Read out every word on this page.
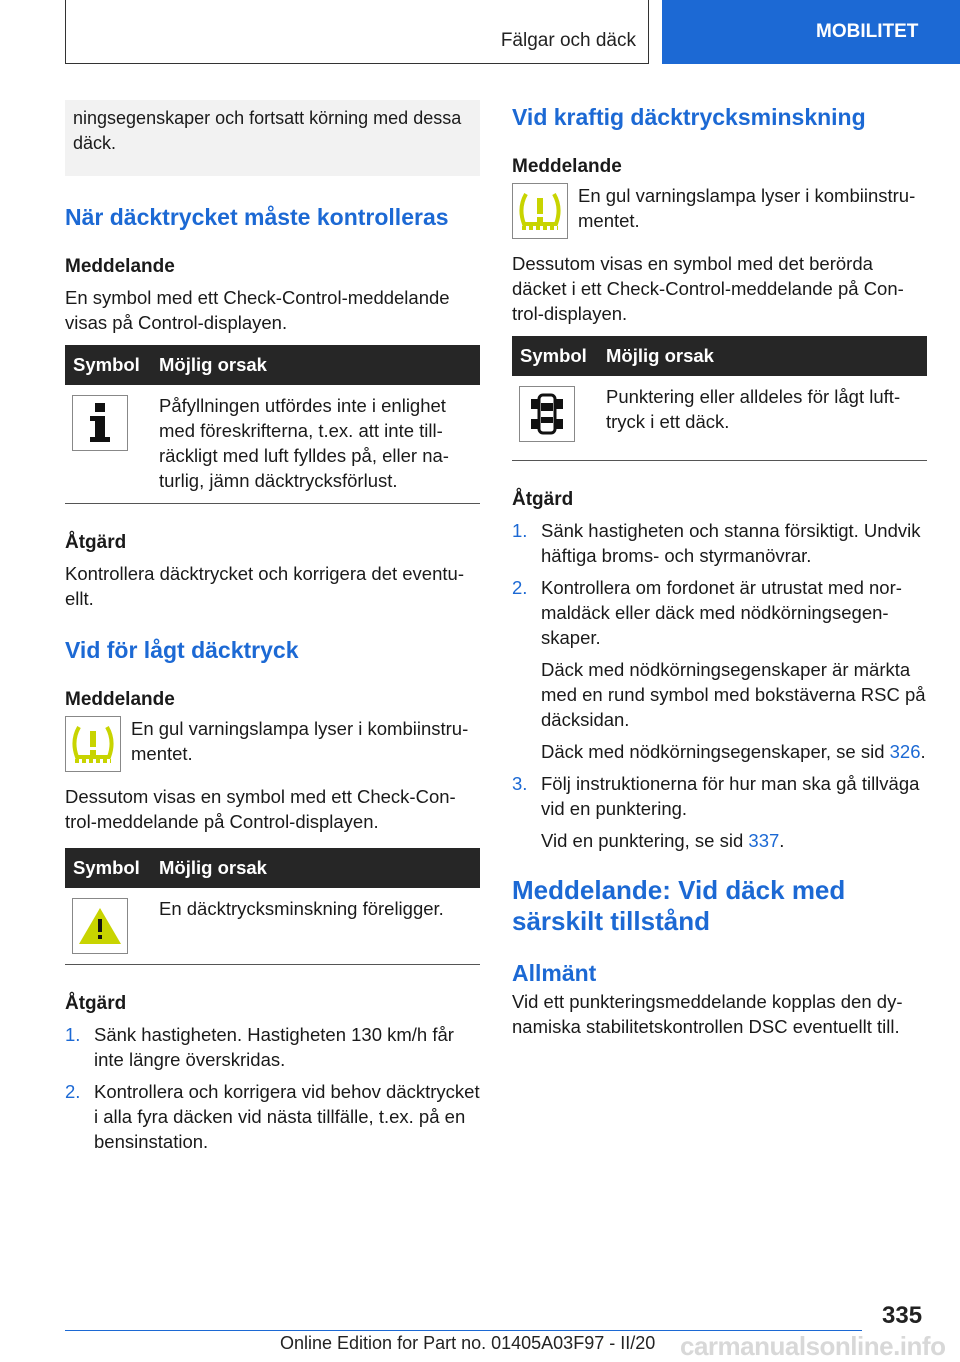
Fälgar och däck	MOBILITET
ningsegenskaper och fortsatt körning med dessa däck.
När däcktrycket måste kontrolleras
Meddelande

En symbol med ett Check-Control-meddelande visas på Control-displayen.

Symbol	Möjlig orsak

	Påfyllningen utfördes inte i enlighet med föreskrifterna, t.ex. att inte tillräckligt med luft fylldes på, eller naturlig, jämn däcktrycksförlust.
Åtgärd

Kontrollera däcktrycket och korrigera det eventuellt.

Vid för lågt däcktryck
Meddelande
En gul varningslampa lyser i kombiinstrumentet.

Dessutom visas en symbol med ett Check-Control-meddelande på Control-displayen.

Symbol	Möjlig orsak

	En däcktrycksminskning föreligger.
Åtgärd
1. Sänk hastigheten. Hastigheten 130 km/h får inte längre överskridas.
2. Kontrollera och korrigera vid behov däcktrycket i alla fyra däcken vid nästa tillfälle, t.ex. på en bensinstation.
Vid kraftig däcktrycksminskning
Meddelande
En gul varningslampa lyser i kombiinstrumentet.

Dessutom visas en symbol med det berörda däcket i ett Check-Control-meddelande på Control-displayen.

Symbol	Möjlig orsak

	Punktering eller alldeles för lågt lufttryck i ett däck.
Åtgärd
1. Sänk hastigheten och stanna försiktigt. Undvik häftiga broms- och styrmanövrar.
2. Kontrollera om fordonet är utrustat med normaldäck eller däck med nödkörningsegenskaper.
Däck med nödkörningsegenskaper är märkta med en rund symbol med bokstäverna RSC på däcksidan.
Däck med nödkörningsegenskaper, se sid 326.
3. Följ instruktionerna för hur man ska gå tillväga vid en punktering.
Vid en punktering, se sid 337.
Meddelande: Vid däck med särskilt tillstånd
Allmänt

Vid ett punkteringsmeddelande kopplas den dynamiska stabilitetskontrollen DSC eventuellt till.

335
Online Edition for Part no. 01405A03F97 - II/20 carmanualsonline.info
